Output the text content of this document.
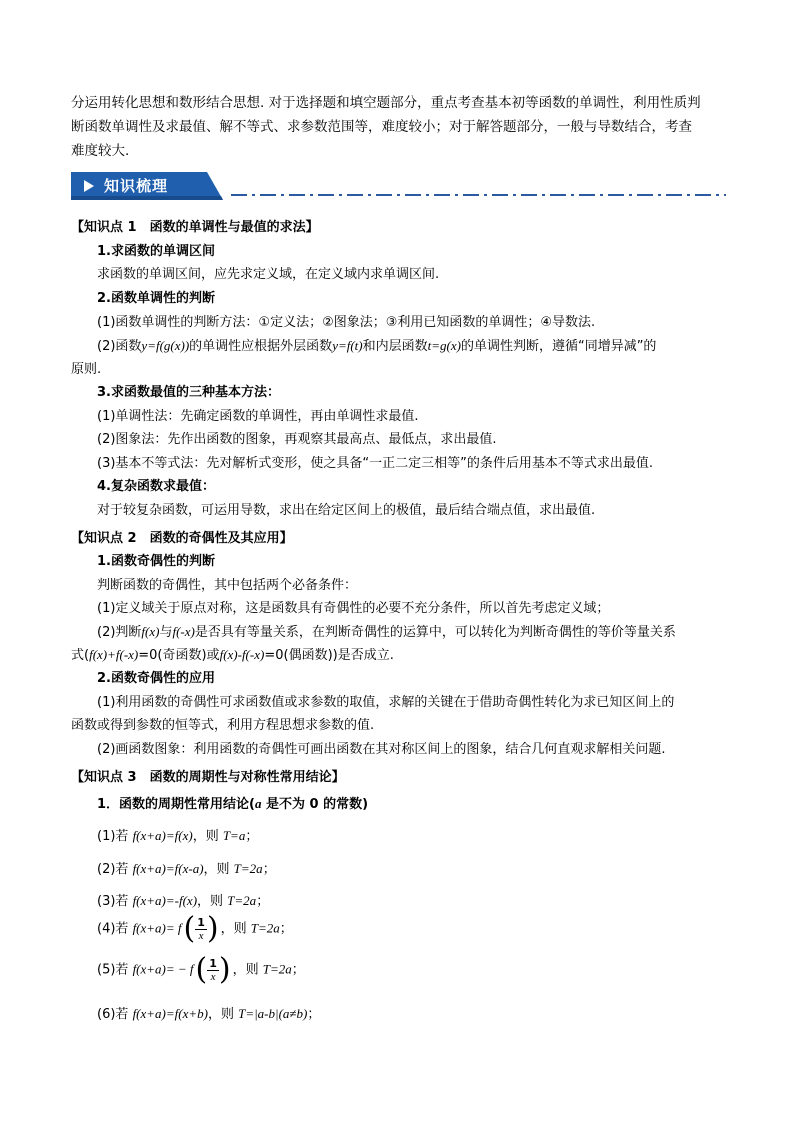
分运用转化思想和数形结合思想. 对于选择题和填空题部分，重点考查基本初等函数的单调性，利用性质判

断函数单调性及求最值、解不等式、求参数范围等，难度较小；对于解答题部分，一般与导数结合，考查

难度较大.

知识梳理
【知识点 1　函数的单调性与最值的求法】
1.求函数的单调区间
求函数的单调区间，应先求定义域，在定义域内求单调区间.
2.函数单调性的判断
(1)函数单调性的判断方法：①定义法；②图象法；③利用已知函数的单调性；④导数法.
(2)函数y=f(g(x))的单调性应根据外层函数y=f(t)和内层函数t=g(x)的单调性判断，遵循“同增异减”的
原则.
3.求函数最值的三种基本方法：
(1)单调性法：先确定函数的单调性，再由单调性求最值.
(2)图象法：先作出函数的图象，再观察其最高点、最低点，求出最值.
(3)基本不等式法：先对解析式变形，使之具备“一正二定三相等”的条件后用基本不等式求出最值.
4.复杂函数求最值：
对于较复杂函数，可运用导数，求出在给定区间上的极值，最后结合端点值，求出最值.
【知识点 2　函数的奇偶性及其应用】
1.函数奇偶性的判断
判断函数的奇偶性，其中包括两个必备条件：
(1)定义域关于原点对称，这是函数具有奇偶性的必要不充分条件，所以首先考虑定义域；
(2)判断f(x)与f(-x)是否具有等量关系，在判断奇偶性的运算中，可以转化为判断奇偶性的等价等量关系
式(f(x)+f(-x)=0(奇函数)或f(x)-f(-x)=0(偶函数))是否成立.
2.函数奇偶性的应用
(1)利用函数的奇偶性可求函数值或求参数的取值，求解的关键在于借助奇偶性转化为求已知区间上的
函数或得到参数的恒等式，利用方程思想求参数的值.
(2)画函数图象：利用函数的奇偶性可画出函数在其对称区间上的图象，结合几何直观求解相关问题.
【知识点 3　函数的周期性与对称性常用结论】
1．函数的周期性常用结论(a 是不为 0 的常数)
(1)若 f(x+a)=f(x)，则 T=a；
(2)若 f(x+a)=f(x-a)，则 T=2a；
(3)若 f(x+a)=-f(x)，则 T=2a；
(4)若 $f(x+a)= f( \frac{1}{x}$ ) ，则 T=2a；
(5)若 $f(x+a)= - f( \frac{1}{x}$ ) ，则 T=2a；
(6)若 f(x+a)=f(x+b)，则 T=|a-b|(a≠b)；
